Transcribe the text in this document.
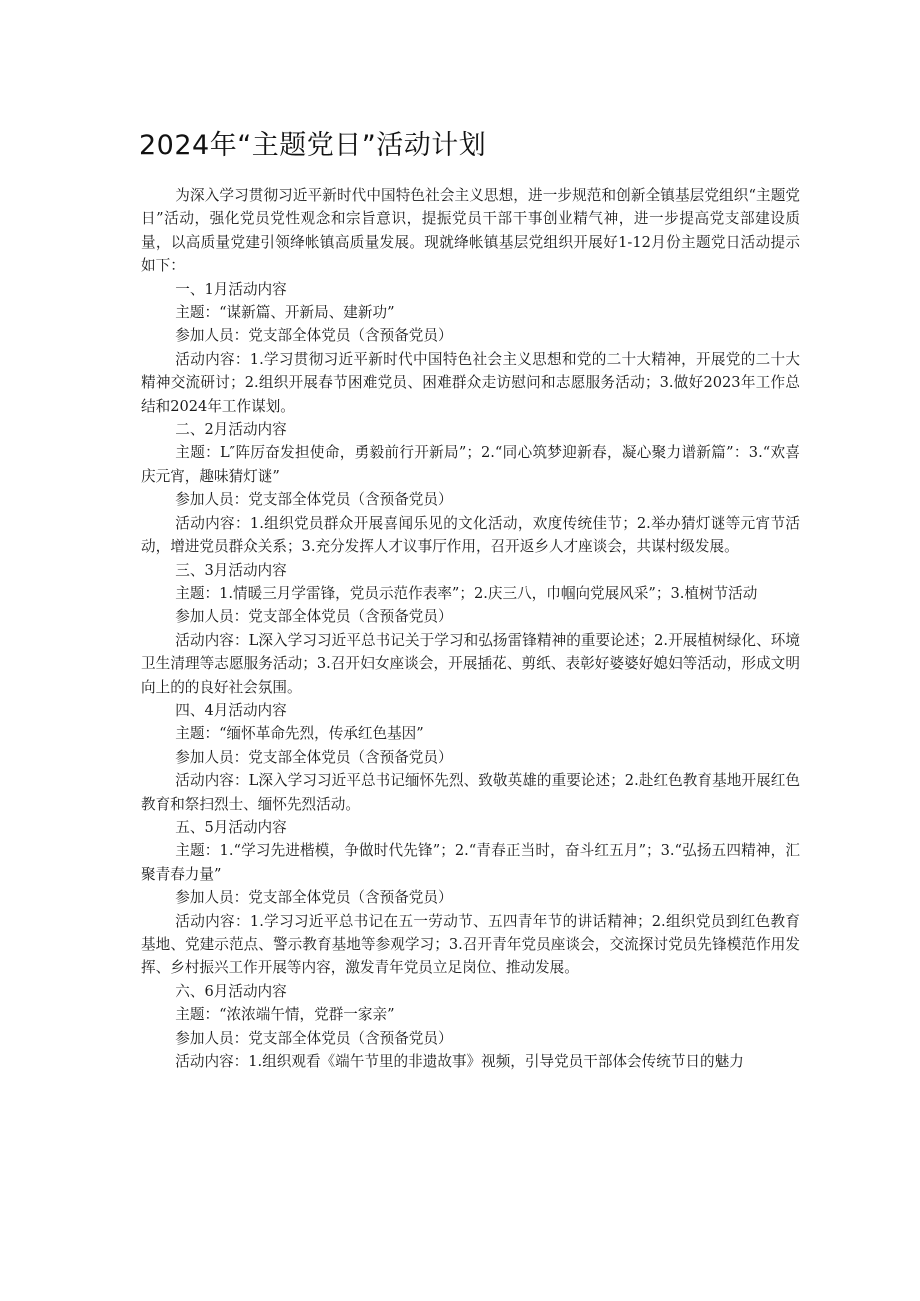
2024年“主题党日”活动计划

为深入学习贯彻习近平新时代中国特色社会主义思想，进一步规范和创新全镇基层党组织“主题党日”活动，强化党员党性观念和宗旨意识，提振党员干部干事创业精气神，进一步提高党支部建设质量，以高质量党建引领绛帐镇高质量发展。现就绛帐镇基层党组织开展好1-12月份主题党日活动提示如下：

一、1月活动内容

主题：“谋新篇、开新局、建新功”

参加人员：党支部全体党员（含预备党员）

活动内容：1.学习贯彻习近平新时代中国特色社会主义思想和党的二十大精神，开展党的二十大精神交流研讨；2.组织开展春节困难党员、困难群众走访慰问和志愿服务活动；3.做好2023年工作总结和2024年工作谋划。

二、2月活动内容

主题：L″阵厉奋发担使命，勇毅前行开新局”；2.“同心筑梦迎新春，凝心聚力谱新篇”：3.“欢喜庆元宵，趣味猜灯谜”

参加人员：党支部全体党员（含预备党员）

活动内容：1.组织党员群众开展喜闻乐见的文化活动，欢度传统佳节；2.举办猜灯谜等元宵节活动，增进党员群众关系；3.充分发挥人才议事厅作用，召开返乡人才座谈会，共谋村级发展。

三、3月活动内容

主题：1.情暖三月学雷锋，党员示范作表率”；2.庆三八，巾帼向党展风采”；3.植树节活动

参加人员：党支部全体党员（含预备党员）

活动内容：L深入学习习近平总书记关于学习和弘扬雷锋精神的重要论述；2.开展植树绿化、环境卫生清理等志愿服务活动；3.召开妇女座谈会，开展插花、剪纸、表彰好婆婆好媳妇等活动，形成文明向上的的良好社会氛围。

四、4月活动内容

主题：“缅怀革命先烈，传承红色基因”

参加人员：党支部全体党员（含预备党员）

活动内容：L深入学习习近平总书记缅怀先烈、致敬英雄的重要论述；2.赴红色教育基地开展红色教育和祭扫烈士、缅怀先烈活动。

五、5月活动内容

主题：1.“学习先进楷模，争做时代先锋”；2.“青春正当时，奋斗红五月”；3.“弘扬五四精神，汇聚青春力量”

参加人员：党支部全体党员（含预备党员）

活动内容：1.学习习近平总书记在五一劳动节、五四青年节的讲话精神；2.组织党员到红色教育基地、党建示范点、警示教育基地等参观学习；3.召开青年党员座谈会，交流探讨党员先锋模范作用发挥、乡村振兴工作开展等内容，激发青年党员立足岗位、推动发展。

六、6月活动内容

主题：“浓浓端午情，党群一家亲”

参加人员：党支部全体党员（含预备党员）

活动内容：1.组织观看《端午节里的非遗故事》视频，引导党员干部体会传统节日的魅力
